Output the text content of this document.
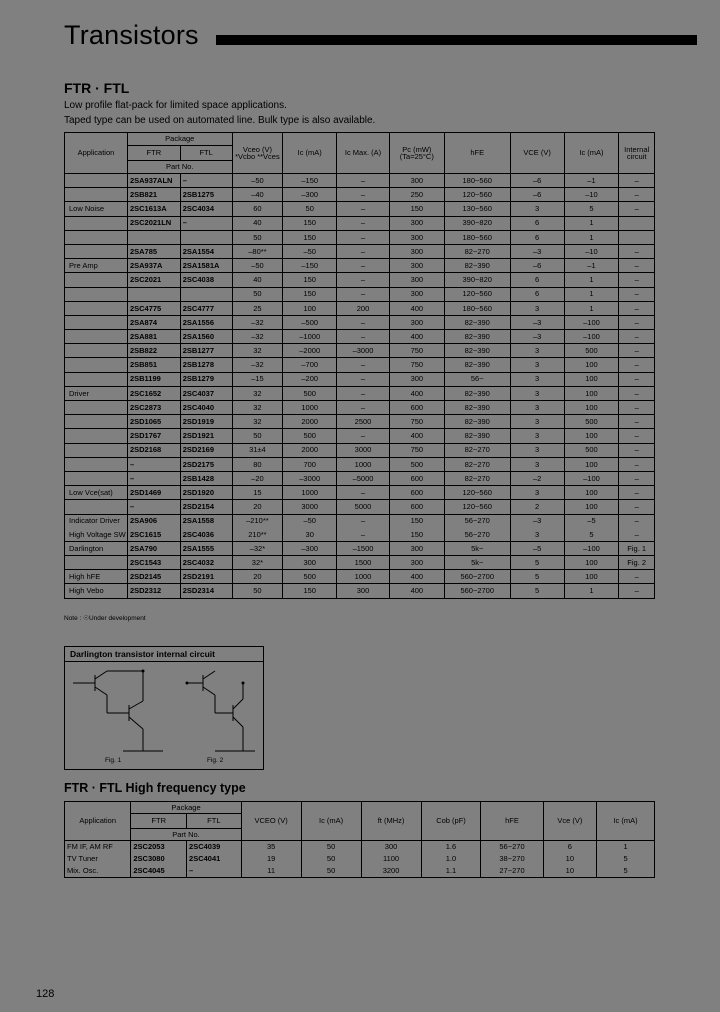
Transistors
FTR · FTL
Low profile flat-pack for limited space applications.
Taped type can be used on automated line. Bulk type is also available.
Application	Package		Vceo (V) *Vcbo **Vces	Ic (mA)	Ic Max. (A)	Pc (mW) (Ta=25°C)	hFE	VCE (V)	Ic (mA)	Internal circuit
	FTR	FTL								
	Part No.									
	2SA937ALN	–	–50	–150	–	300	180~560	–6	–1	–
	2SB821	2SB1275	–40	–300	–	250	120~560	–6	–10	–
Low Noise	2SC1613A	2SC4034	60	50	–	150	130~560	3	5	–
	2SC2021LN	–	40	150	–	300	390~820	6	1	
			50	150	–	300	180~560	6	1	
	2SA785	2SA1554	–80**	–50	–	300	82~270	–3	–10	–
Pre Amp	2SA937A	2SA1581A	–50	–150	–	300	82~390	–6	–1	–
	2SC2021	2SC4038	40	150	–	300	390~820	6	1	–
			50	150	–	300	120~560	6	1	–
	2SC4775	2SC4777	25	100	200	400	180~560	3	1	–
	2SA874	2SA1556	–32	–500	–	300	82~390	–3	–100	–
	2SA881	2SA1560	–32	–1000	–	400	82~390	–3	–100	–
	2SB822	2SB1277	32	–2000	–3000	750	82~390	3	500	–
	2SB851	2SB1278	–32	–700	–	750	82~390	3	100	–
	2SB1199	2SB1279	–15	–200	–	300	56~	3	100	–
Driver	2SC1652	2SC4037	32	500	–	400	82~390	3	100	–
	2SC2873	2SC4040	32	1000	–	600	82~390	3	100	–
	2SD1065	2SD1919	32	2000	2500	750	82~390	3	500	–
	2SD1767	2SD1921	50	500	–	400	82~390	3	100	–
	2SD2168	2SD2169	31±4	2000	3000	750	82~270	3	500	–
	–	2SD2175	80	700	1000	500	82~270	3	100	–
	–	2SB1428	–20	–3000	–5000	600	82~270	–2	–100	–
Low Vce(sat)	2SD1469	2SD1920	15	1000	–	600	120~560	3	100	–
	–	2SD2154	20	3000	5000	600	120~560	2	100	–
Indicator Driver	2SA906	2SA1558	–210**	–50	–	150	56~270	–3	–5	–
High Voltage SW	2SC1615	2SC4036	210**	30	–	150	56~270	3	5	–
Darlington	2SA790	2SA1555	–32*	–300	–1500	300	5k~	–5	–100	Fig. 1
	2SC1543	2SC4032	32*	300	1500	300	5k~	5	100	Fig. 2
High hFE	2SD2145	2SD2191	20	500	1000	400	560~2700	5	100	–
High Vebo	2SD2312	2SD2314	50	150	300	400	560~2700	5	1	–
Note : ☉Under development
Darlington transistor internal circuit
Fig. 1	Fig. 2
FTR · FTL High frequency type
Application	Package		VCEO (V)	Ic (mA)	ft (MHz)	Cob (pF)	hFE	Vce (V)	Ic (mA)
	FTR	FTL							
	Part No.								
FM IF, AM RF	2SC2053	2SC4039	35	50	300	1.6	56~270	6	1
TV Tuner	2SC3080	2SC4041	19	50	1100	1.0	38~270	10	5
Mix. Osc.	2SC4045	–	11	50	3200	1.1	27~270	10	5
128
